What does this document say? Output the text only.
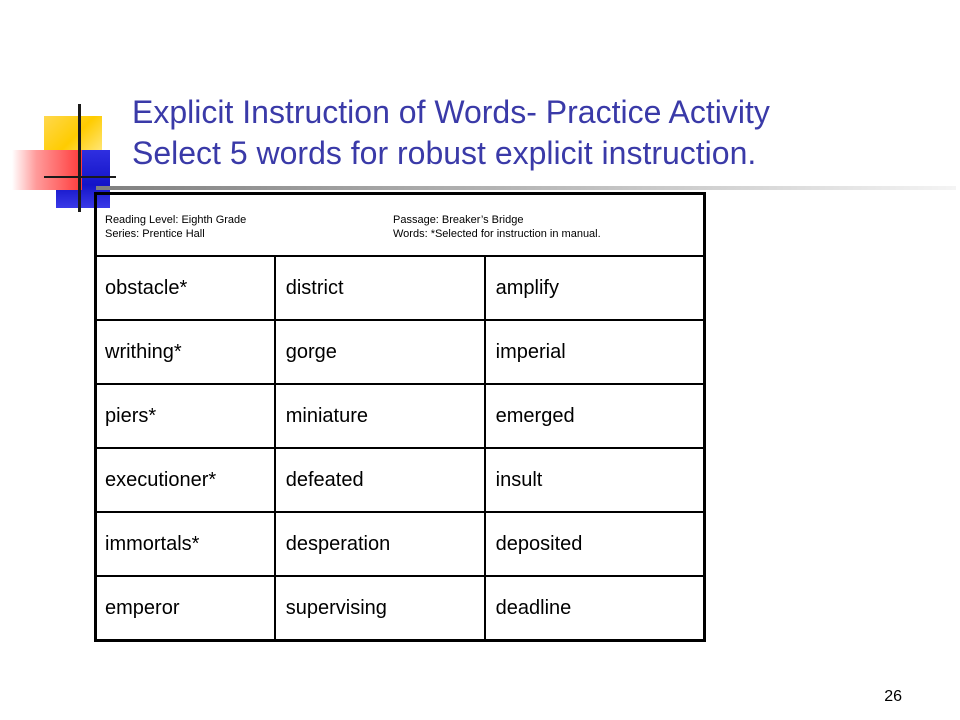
Explicit Instruction of Words- Practice Activity
Select 5 words for robust explicit instruction.
Reading Level: Eighth Grade
Series: Prentice Hall
Passage: Breaker’s Bridge
Words: *Selected for instruction in manual.		

obstacle*	district	amplify
writhing*	gorge	imperial
piers*	miniature	emerged
executioner*	defeated	insult
immortals*	desperation	deposited
emperor	supervising	deadline
26
